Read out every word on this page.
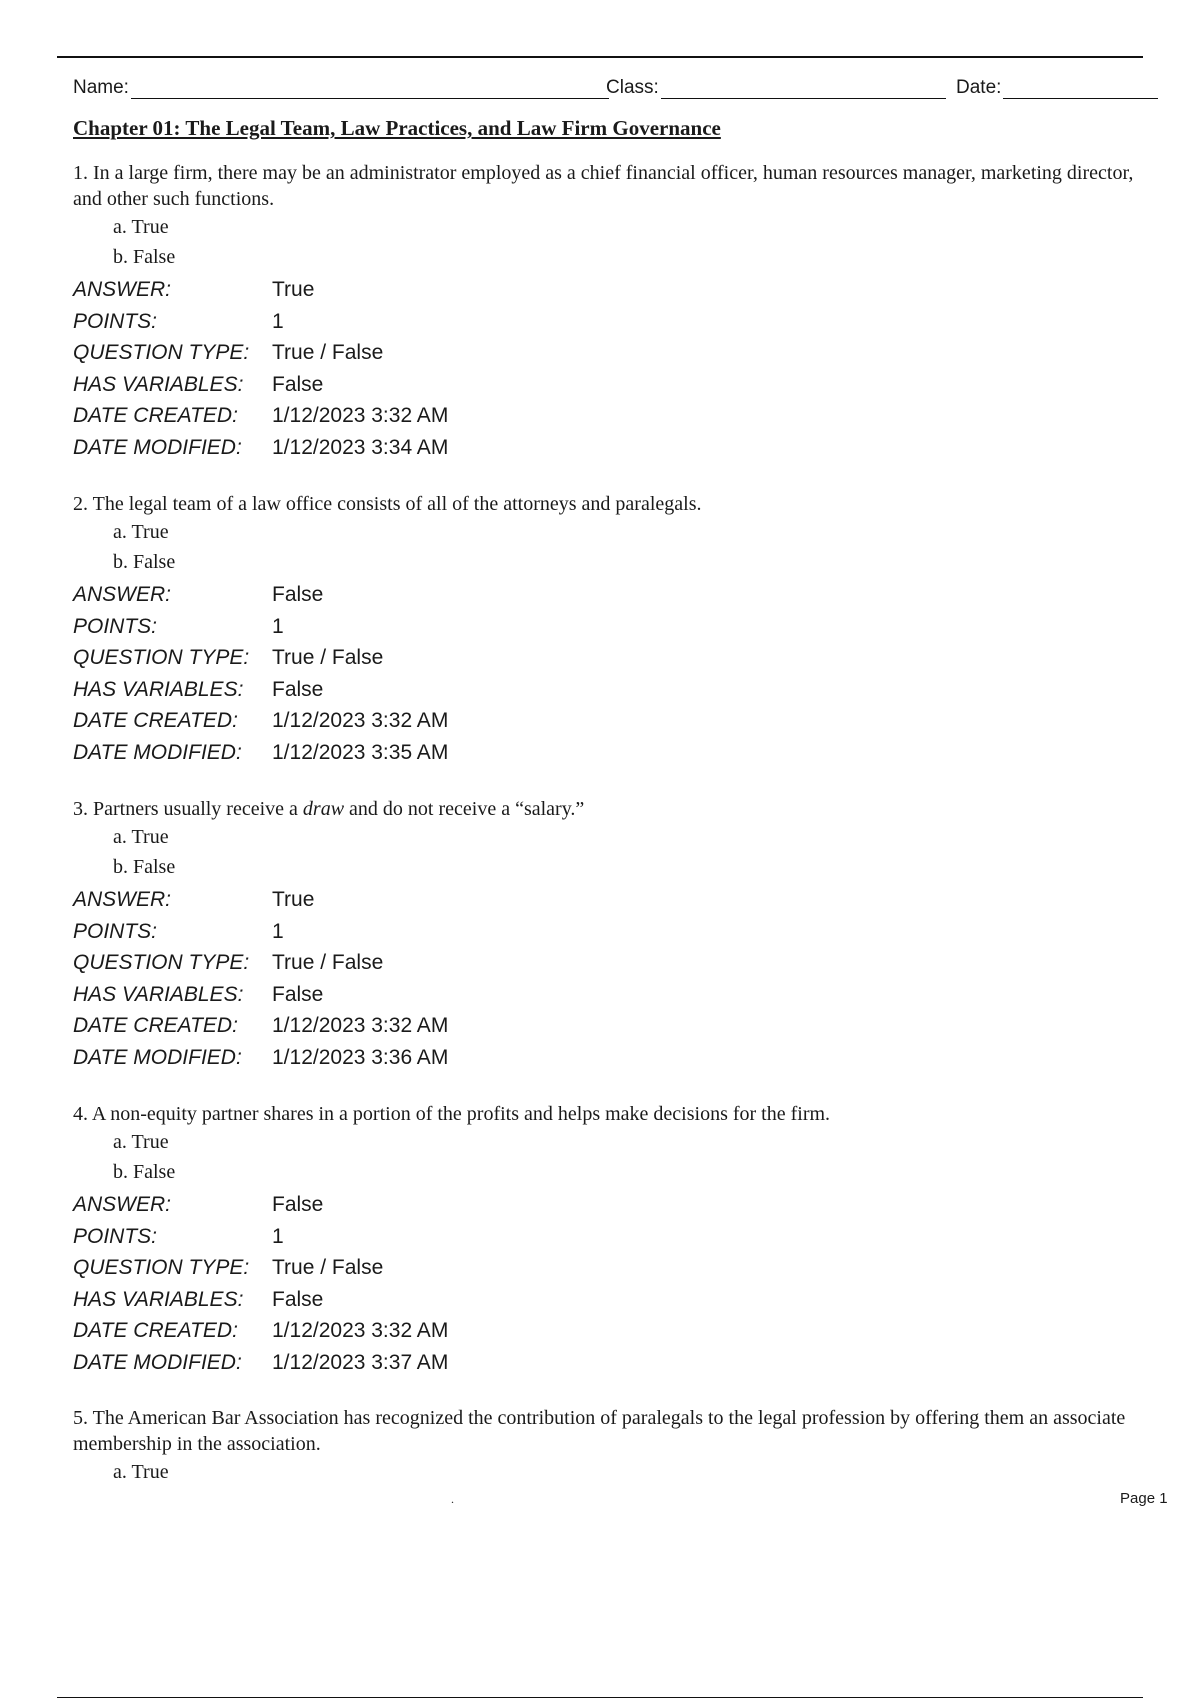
Name:	Class:	Date:
Chapter 01: The Legal Team, Law Practices, and Law Firm Governance

1. In a large firm, there may be an administrator employed as a chief financial officer, human resources manager, marketing director, and other such functions.

a. True
b. False
ANSWER:	True
POINTS:	1
QUESTION TYPE:	True / False
HAS VARIABLES:	False
DATE CREATED:	1/12/2023 3:32 AM
DATE MODIFIED:	1/12/2023 3:34 AM

2. The legal team of a law office consists of all of the attorneys and paralegals.

a. True
b. False
ANSWER:	False
POINTS:	1
QUESTION TYPE:	True / False
HAS VARIABLES:	False
DATE CREATED:	1/12/2023 3:32 AM
DATE MODIFIED:	1/12/2023 3:35 AM

3. Partners usually receive a draw and do not receive a “salary.”

a. True
b. False
ANSWER:	True
POINTS:	1
QUESTION TYPE:	True / False
HAS VARIABLES:	False
DATE CREATED:	1/12/2023 3:32 AM
DATE MODIFIED:	1/12/2023 3:36 AM

4. A non-equity partner shares in a portion of the profits and helps make decisions for the firm.

a. True
b. False
ANSWER:	False
POINTS:	1
QUESTION TYPE:	True / False
HAS VARIABLES:	False
DATE CREATED:	1/12/2023 3:32 AM
DATE MODIFIED:	1/12/2023 3:37 AM

5. The American Bar Association has recognized the contribution of paralegals to the legal profession by offering them an associate membership in the association.

a. True
.	Page 1
